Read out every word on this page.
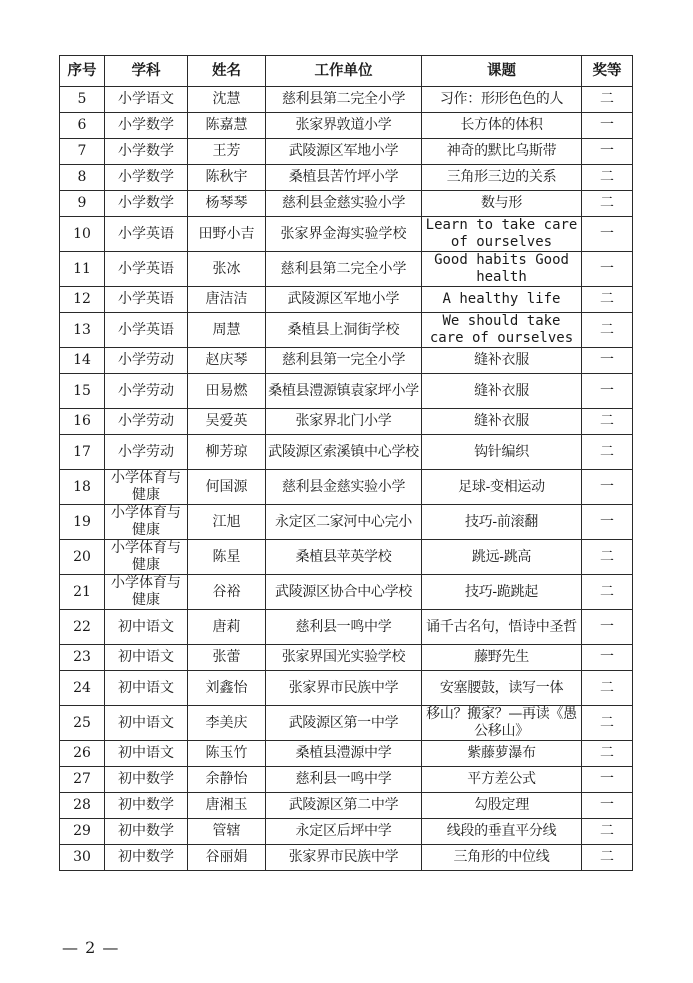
序号	学科	姓名	工作单位	课题	奖等
5	小学语文	沈慧	慈利县第二完全小学	习作：形形色色的人	二
6	小学数学	陈嘉慧	张家界敦道小学	长方体的体积	一
7	小学数学	王芳	武陵源区军地小学	神奇的默比乌斯带	一
8	小学数学	陈秋宇	桑植县苦竹坪小学	三角形三边的关系	二
9	小学数学	杨琴琴	慈利县金慈实验小学	数与形	二
10	小学英语	田野小吉	张家界金海实验学校	Learn to take care of ourselves	一
11	小学英语	张冰	慈利县第二完全小学	Good habits Good health	一
12	小学英语	唐洁洁	武陵源区军地小学	A healthy life	二
13	小学英语	周慧	桑植县上洞街学校	We should take care of ourselves	二
14	小学劳动	赵庆琴	慈利县第一完全小学	缝补衣服	一
15	小学劳动	田易燃	桑植县澧源镇袁家坪小学	缝补衣服	一
16	小学劳动	吴爱英	张家界北门小学	缝补衣服	二
17	小学劳动	柳芳琼	武陵源区索溪镇中心学校	钩针编织	二
18	小学体育与健康	何国源	慈利县金慈实验小学	足球-变相运动	一
19	小学体育与健康	江旭	永定区二家河中心完小	技巧-前滚翻	一
20	小学体育与健康	陈星	桑植县苹英学校	跳远-跳高	二
21	小学体育与健康	谷裕	武陵源区协合中心学校	技巧-跪跳起	二
22	初中语文	唐莉	慈利县一鸣中学	诵千古名句，悟诗中圣哲	一
23	初中语文	张蕾	张家界国光实验学校	藤野先生	一
24	初中语文	刘鑫怡	张家界市民族中学	安塞腰鼓，读写一体	二
25	初中语文	李美庆	武陵源区第一中学	移山？搬家？—再读《愚公移山》	二
26	初中语文	陈玉竹	桑植县澧源中学	紫藤萝瀑布	二
27	初中数学	余静怡	慈利县一鸣中学	平方差公式	一
28	初中数学	唐湘玉	武陵源区第二中学	勾股定理	一
29	初中数学	管辖	永定区后坪中学	线段的垂直平分线	二
30	初中数学	谷丽娟	张家界市民族中学	三角形的中位线	二
— 2 —
